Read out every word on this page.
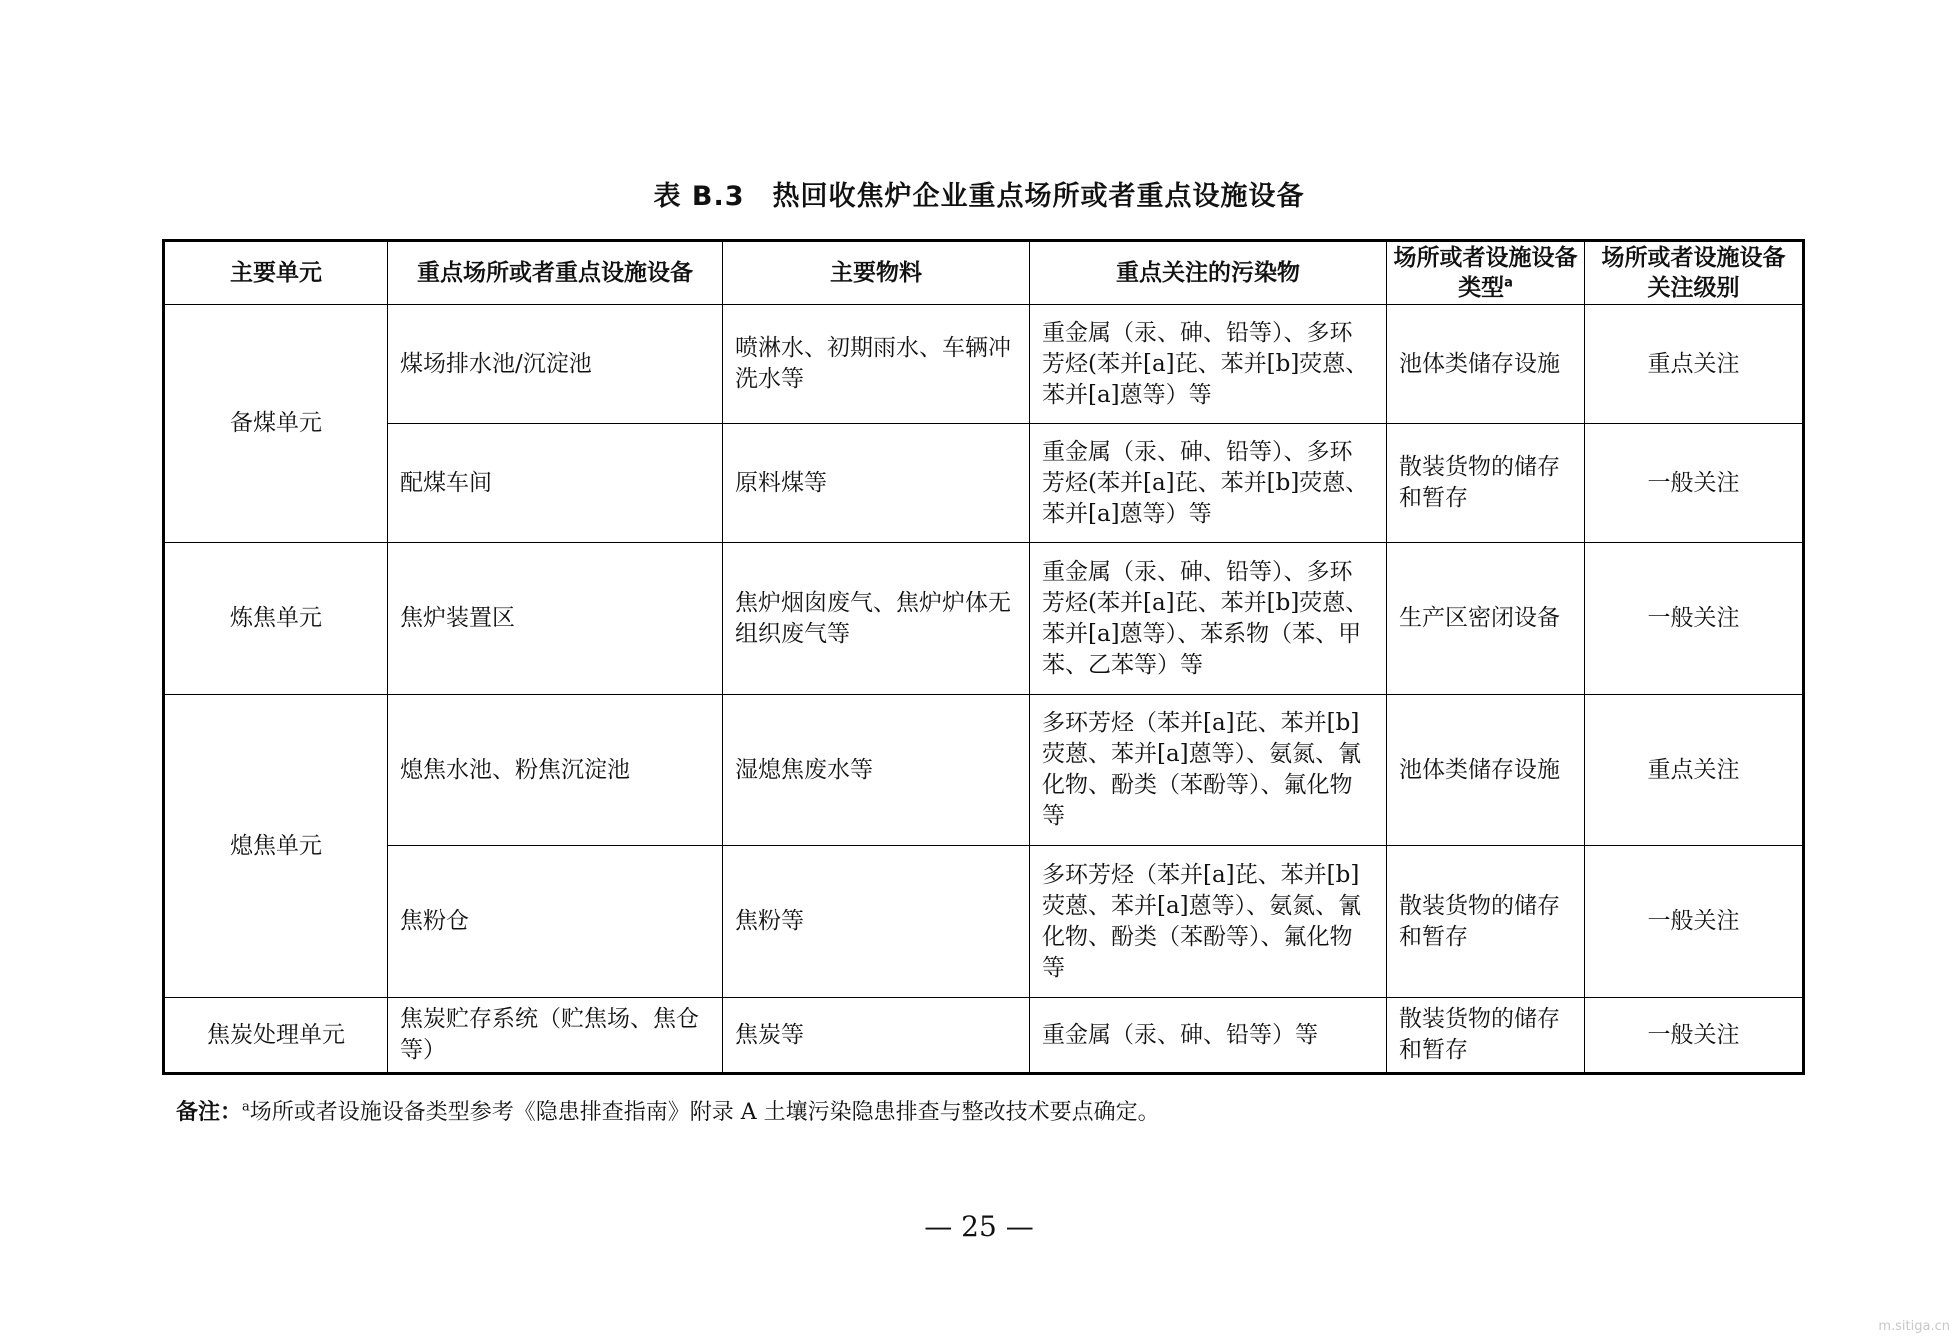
表 B.3　热回收焦炉企业重点场所或者重点设施设备
主要单元	重点场所或者重点设施设备	主要物料	重点关注的污染物	场所或者设施设备类型$^a$	场所或者设施设备关注级别
备煤单元	煤场排水池/沉淀池	喷淋水、初期雨水、车辆冲洗水等	重金属（汞、砷、铅等）、多环芳烃(苯并[a]芘、苯并[b]荧蒽、苯并[a]蒽等）等	池体类储存设施	重点关注
	配煤车间	原料煤等	重金属（汞、砷、铅等）、多环芳烃(苯并[a]芘、苯并[b]荧蒽、苯并[a]蒽等）等	散装货物的储存和暂存	一般关注
炼焦单元	焦炉装置区	焦炉烟囱废气、焦炉炉体无组织废气等	重金属（汞、砷、铅等）、多环芳烃(苯并[a]芘、苯并[b]荧蒽、苯并[a]蒽等）、苯系物（苯、甲苯、乙苯等）等	生产区密闭设备	一般关注
熄焦单元	熄焦水池、粉焦沉淀池	湿熄焦废水等	多环芳烃（苯并[a]芘、苯并[b]荧蒽、苯并[a]蒽等）、氨氮、氰化物、酚类（苯酚等）、氟化物等	池体类储存设施	重点关注
	焦粉仓	焦粉等	多环芳烃（苯并[a]芘、苯并[b]荧蒽、苯并[a]蒽等）、氨氮、氰化物、酚类（苯酚等）、氟化物等	散装货物的储存和暂存	一般关注
焦炭处理单元	焦炭贮存系统（贮焦场、焦仓等）	焦炭等	重金属（汞、砷、铅等）等	散装货物的储存和暂存	一般关注
备注：$^a$场所或者设施设备类型参考《隐患排查指南》附录 A 土壤污染隐患排查与整改技术要点确定。
— 25 —
m.sitiga.cn
